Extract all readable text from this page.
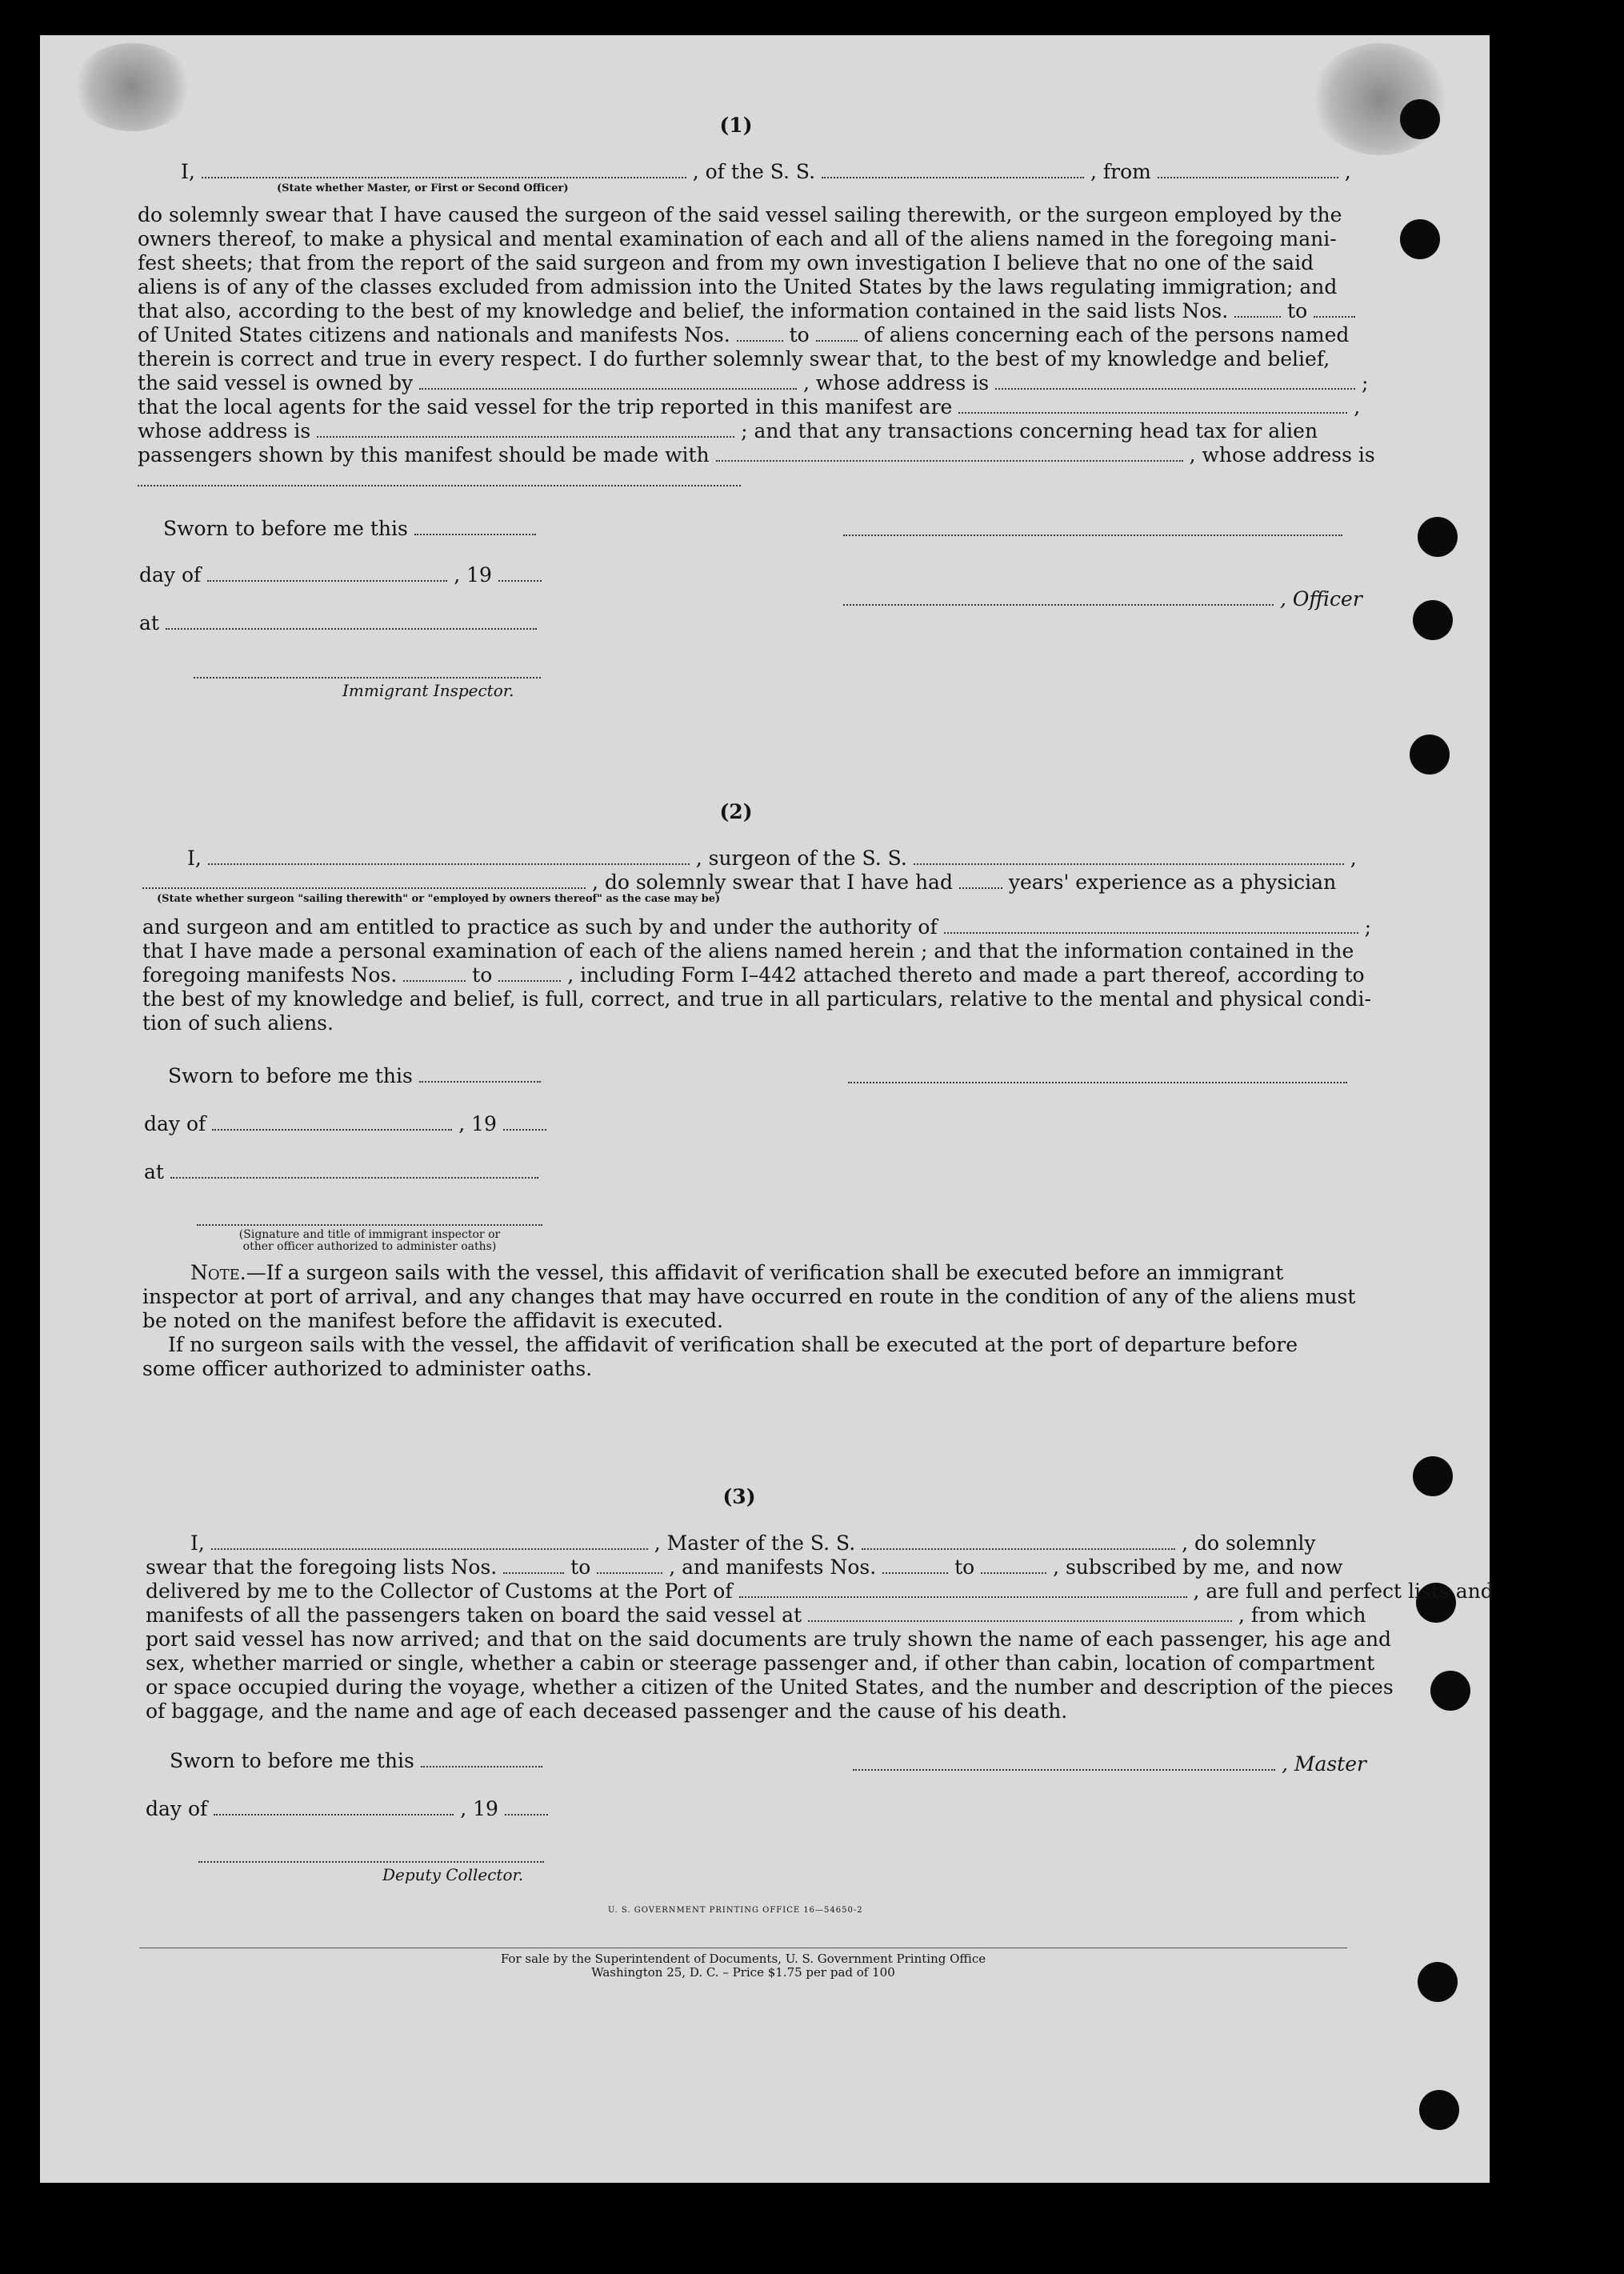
(1)
I,	, of the S. S.	, from	,
(State whether Master, or First or Second Officer)
do solemnly swear that I have caused the surgeon of the said vessel sailing therewith, or the surgeon employed by the
owners thereof, to make a physical and mental examination of each and all of the aliens named in the foregoing mani-
fest sheets; that from the report of the said surgeon and from my own investigation I believe that no one of the said
aliens is of any of the classes excluded from admission into the United States by the laws regulating immigration; and
that also, according to the best of my knowledge and belief, the information contained in the said lists Nos.	to
of United States citizens and nationals and manifests Nos.	to	of aliens concerning each of the persons named
therein is correct and true in every respect. I do further solemnly swear that, to the best of my knowledge and belief,
the said vessel is owned by	, whose address is	;
that the local agents for the said vessel for the trip reported in this manifest are	,
whose address is	; and that any transactions concerning head tax for alien
passengers shown by this manifest should be made with	, whose address is
Sworn to before me this
day of	, 19
, Officer
at
Immigrant Inspector.
(2)
I,	, surgeon of the S. S.	,
, do solemnly swear that I have had	years' experience as a physician
(State whether surgeon "sailing therewith" or "employed by owners thereof" as the case may be)
and surgeon and am entitled to practice as such by and under the authority of	;
that I have made a personal examination of each of the aliens named herein ; and that the information contained in the
foregoing manifests Nos.	to	, including Form I–442 attached thereto and made a part thereof, according to
the best of my knowledge and belief, is full, correct, and true in all particulars, relative to the mental and physical condi-
tion of such aliens.
Sworn to before me this
day of	, 19
at
(Signature and title of immigrant inspector or
other officer authorized to administer oaths)
Note.—If a surgeon sails with the vessel, this affidavit of verification shall be executed before an immigrant
inspector at port of arrival, and any changes that may have occurred en route in the condition of any of the aliens must
be noted on the manifest before the affidavit is executed.
If no surgeon sails with the vessel, the affidavit of verification shall be executed at the port of departure before
some officer authorized to administer oaths.
(3)
I,	, Master of the S. S.	, do solemnly
swear that the foregoing lists Nos.	to	, and manifests Nos.	to	, subscribed by me, and now
delivered by me to the Collector of Customs at the Port of	, are full and perfect lists and
manifests of all the passengers taken on board the said vessel at	, from which
port said vessel has now arrived; and that on the said documents are truly shown the name of each passenger, his age and
sex, whether married or single, whether a cabin or steerage passenger and, if other than cabin, location of compartment
or space occupied during the voyage, whether a citizen of the United States, and the number and description of the pieces
of baggage, and the name and age of each deceased passenger and the cause of his death.
Sworn to before me this	, Master
day of	, 19
Deputy Collector.
U. S. GOVERNMENT PRINTING OFFICE 16—54650-2
For sale by the Superintendent of Documents, U. S. Government Printing Office
Washington 25, D. C. – Price $1.75 per pad of 100
